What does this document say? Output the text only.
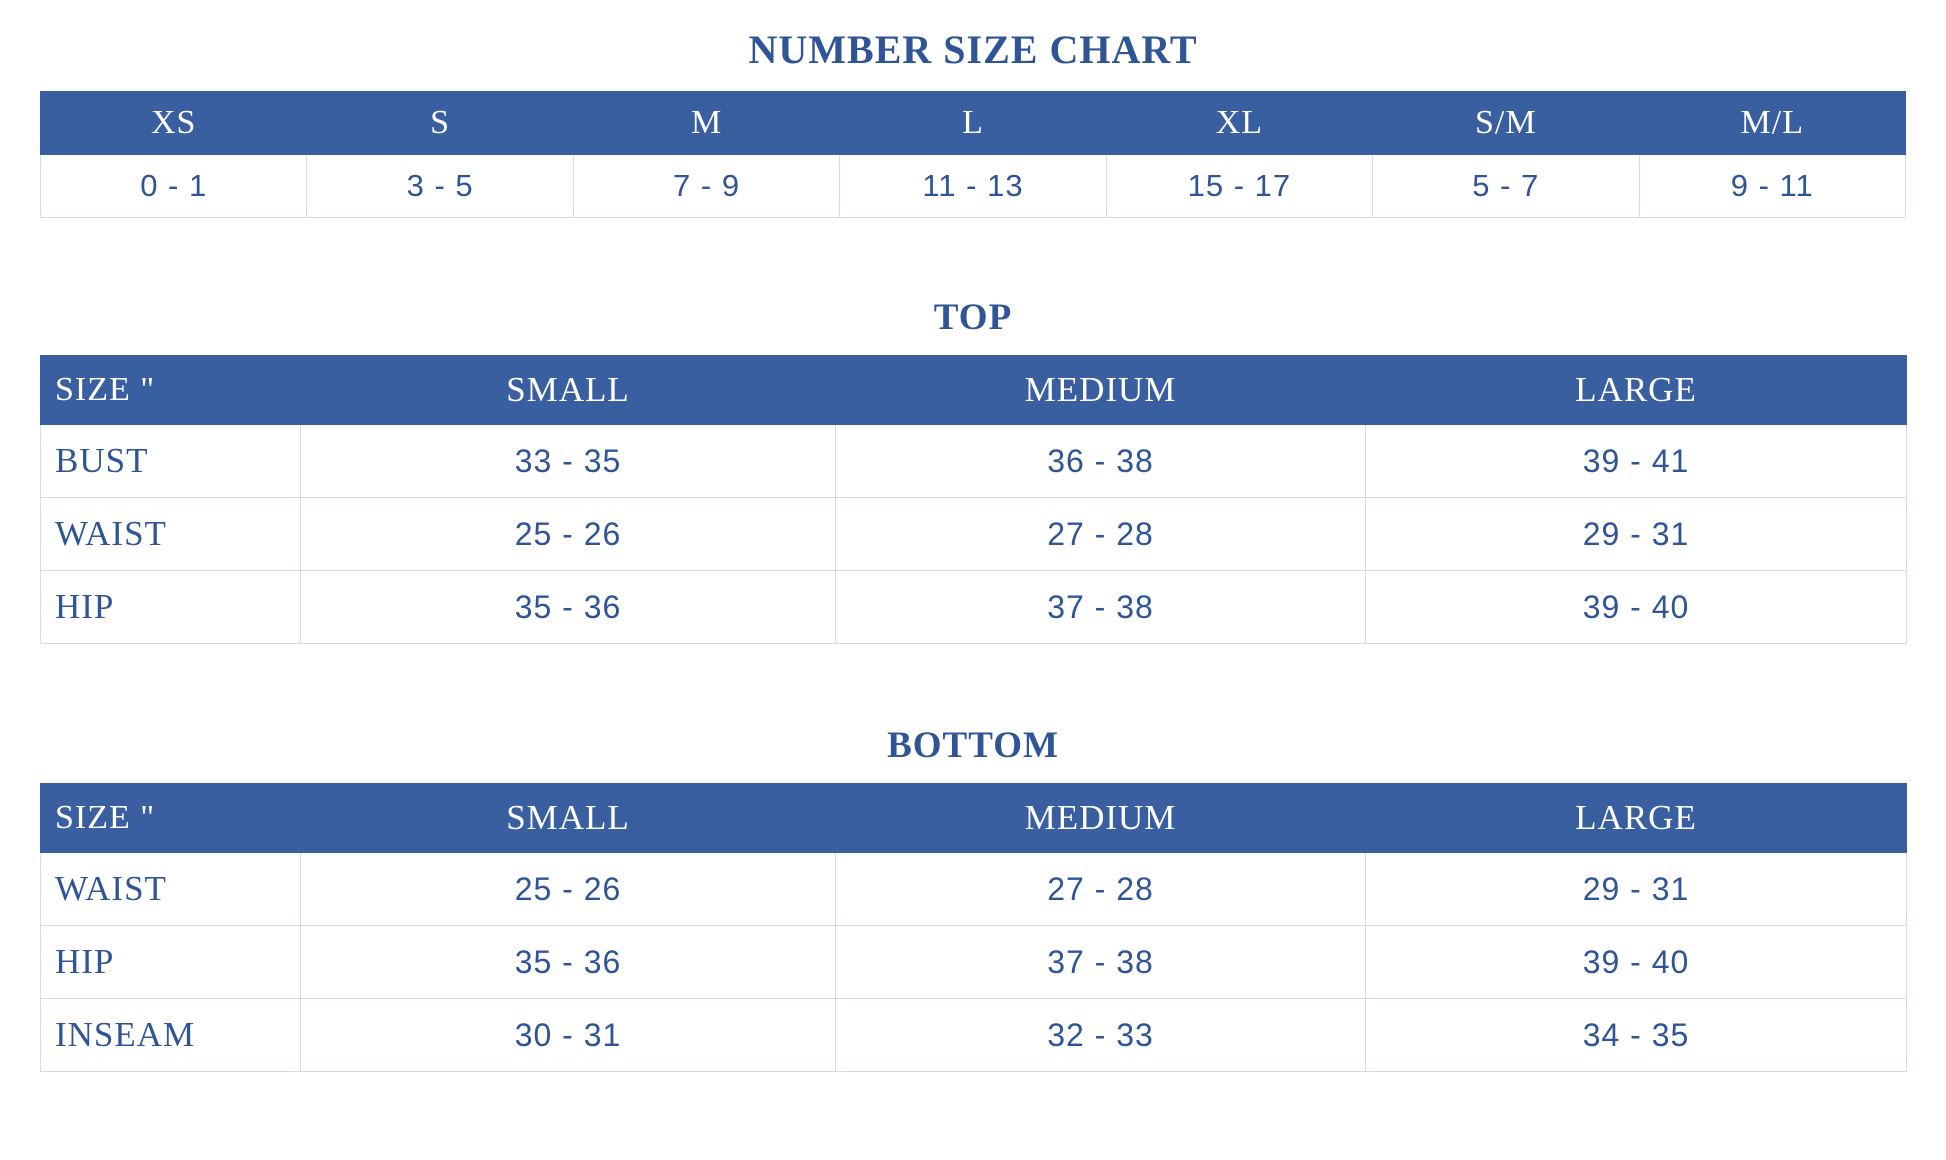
NUMBER SIZE CHART
XS	S	M	L	XL	S/M	M/L
0 - 1	3 - 5	7 - 9	11 - 13	15 - 17	5 - 7	9 - 11
TOP
SIZE "	SMALL	MEDIUM	LARGE
BUST	33 - 35	36 - 38	39 - 41
WAIST	25 - 26	27 - 28	29 - 31
HIP	35 - 36	37 - 38	39 - 40
BOTTOM
SIZE "	SMALL	MEDIUM	LARGE
WAIST	25 - 26	27 - 28	29 - 31
HIP	35 - 36	37 - 38	39 - 40
INSEAM	30 - 31	32 - 33	34 - 35
